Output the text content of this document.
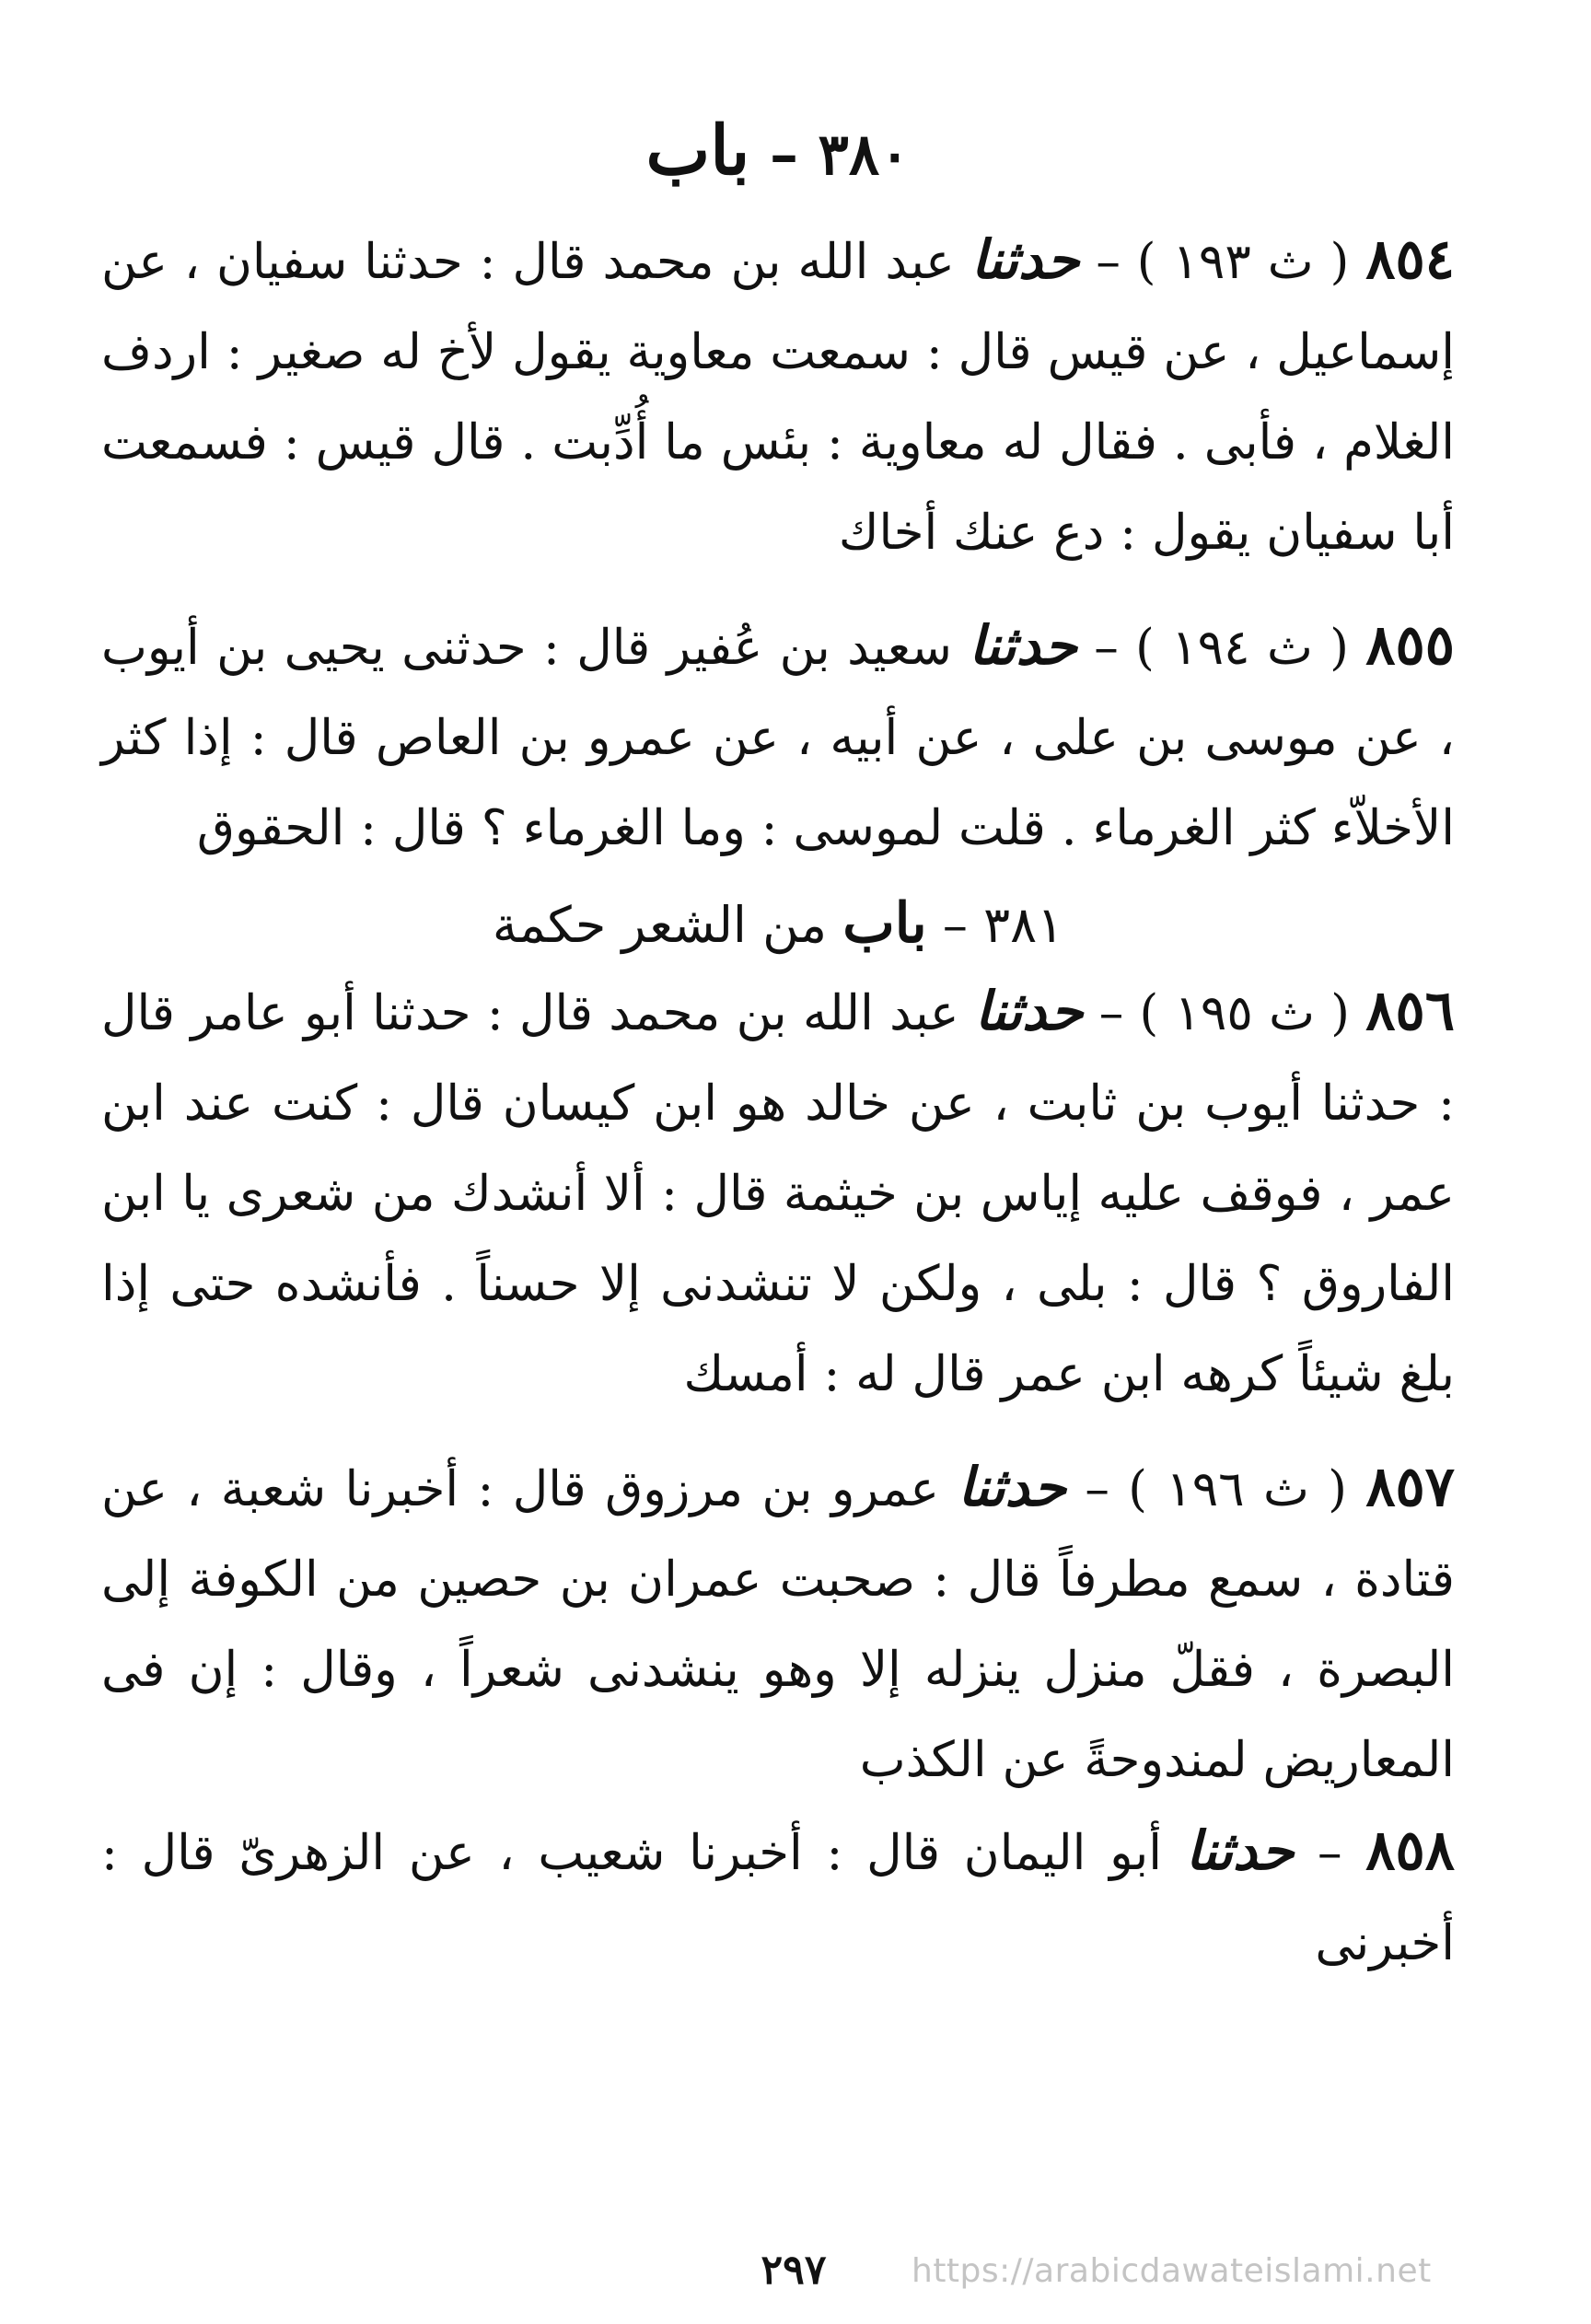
٣٨٠ – باب

٨٥٤ ( ث ١٩٣ ) – حدثنا عبد الله بن محمد قال : حدثنا سفيان ، عن إسماعيل ، عن قيس قال : سمعت معاوية يقول لأخ له صغير : اردف الغلام ، فأبى . فقال له معاوية : بئس ما أُدِّبت . قال قيس : فسمعت أبا سفيان يقول : دع عنك أخاك

٨٥٥ ( ث ١٩٤ ) – حدثنا سعيد بن عُفير قال : حدثنى يحيى بن أيوب ، عن موسى بن على ، عن أبيه ، عن عمرو بن العاص قال : إذا كثر الأخلاّء كثر الغرماء . قلت لموسى : وما الغرماء ؟ قال : الحقوق

٣٨١ – باب من الشعر حكمة

٨٥٦ ( ث ١٩٥ ) – حدثنا عبد الله بن محمد قال : حدثنا أبو عامر قال : حدثنا أيوب بن ثابت ، عن خالد هو ابن كيسان قال : كنت عند ابن عمر ، فوقف عليه إياس بن خيثمة قال : ألا أنشدك من شعرى يا ابن الفاروق ؟ قال : بلى ، ولكن لا تنشدنى إلا حسناً . فأنشده حتى إذا بلغ شيئاً كرهه ابن عمر قال له : أمسك

٨٥٧ ( ث ١٩٦ ) – حدثنا عمرو بن مرزوق قال : أخبرنا شعبة ، عن قتادة ، سمع مطرفاً قال : صحبت عمران بن حصين من الكوفة إلى البصرة ، فقلّ منزل ينزله إلا وهو ينشدنى شعراً ، وقال : إن فى المعاريض لمندوحةً عن الكذب

٨٥٨ – حدثنا أبو اليمان قال : أخبرنا شعيب ، عن الزهرىّ قال : أخبرنى

٢٩٧	https://arabicdawateislami.net
